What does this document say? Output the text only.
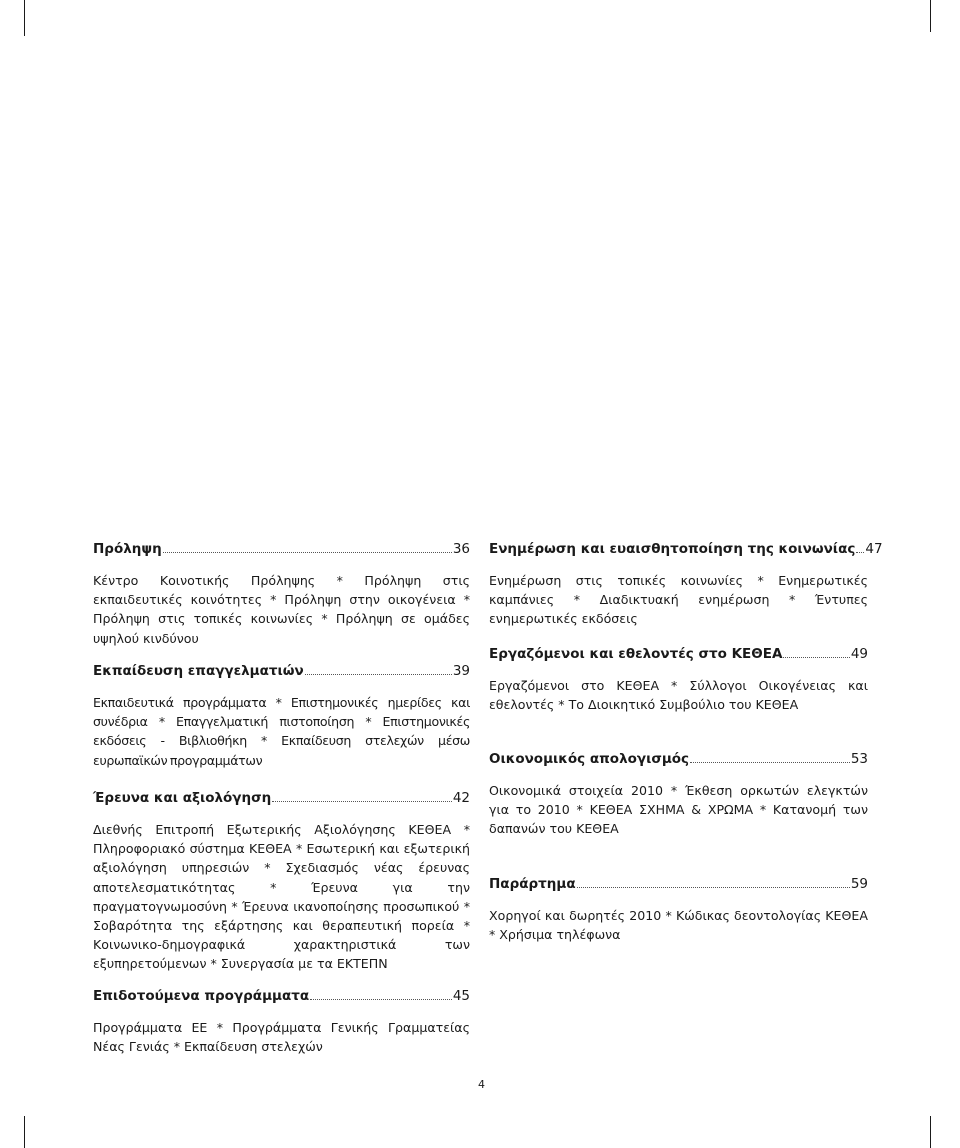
Πρόληψη	36
Κέντρο Κοινοτικής Πρόληψης * Πρόληψη στις εκπαιδευτικές κοινότητες * Πρόληψη στην οικογένεια * Πρόληψη στις τοπικές κοινωνίες * Πρόληψη σε ομάδες υψηλού κινδύνου
Εκπαίδευση επαγγελματιών	39
Εκπαιδευτικά προγράμματα * Επιστημονικές ημερίδες και συνέδρια * Επαγγελματική πιστοποίηση * Επιστημονικές εκδόσεις - Βιβλιοθήκη * Εκπαίδευση στελεχών μέσω ευρωπαϊκών προγραμμάτων
Έρευνα και αξιολόγηση	42
Διεθνής Επιτροπή Εξωτερικής Αξιολόγησης ΚΕΘΕΑ * Πληροφοριακό σύστημα ΚΕΘΕΑ * Εσωτερική και εξωτερική αξιολόγηση υπηρεσιών * Σχεδιασμός νέας έρευνας αποτελεσματικότητας * Έρευνα για την πραγματογνωμοσύνη * Έρευνα ικανοποίησης προσωπικού * Σοβαρότητα της εξάρτησης και θεραπευτική πορεία * Κοινωνικο-δημογραφικά χαρακτηριστικά των εξυπηρετούμενων * Συνεργασία με τα ΕΚΤΕΠΝ
Επιδοτούμενα προγράμματα	45
Προγράμματα ΕΕ * Προγράμματα Γενικής Γραμματείας Νέας Γενιάς * Εκπαίδευση στελεχών
Ενημέρωση και ευαισθητοποίηση της κοινωνίας 47
Ενημέρωση στις τοπικές κοινωνίες * Ενημερωτικές καμπάνιες * Διαδικτυακή ενημέρωση * Έντυπες ενημερωτικές εκδόσεις
Εργαζόμενοι και εθελοντές στο ΚΕΘΕΑ	49
Εργαζόμενοι στο ΚΕΘΕΑ * Σύλλογοι Οικογένειας και εθελοντές * Το Διοικητικό Συμβούλιο του ΚΕΘΕΑ
Οικονομικός απολογισμός	53
Οικονομικά στοιχεία 2010 * Έκθεση ορκωτών ελεγκτών για το 2010 * ΚΕΘΕΑ ΣΧΗΜΑ & ΧΡΩΜΑ * Κατανομή των δαπανών του ΚΕΘΕΑ
Παράρτημα	59
Χορηγοί και δωρητές 2010 * Κώδικας δεοντολογίας ΚΕΘΕΑ * Χρήσιμα τηλέφωνα
4
